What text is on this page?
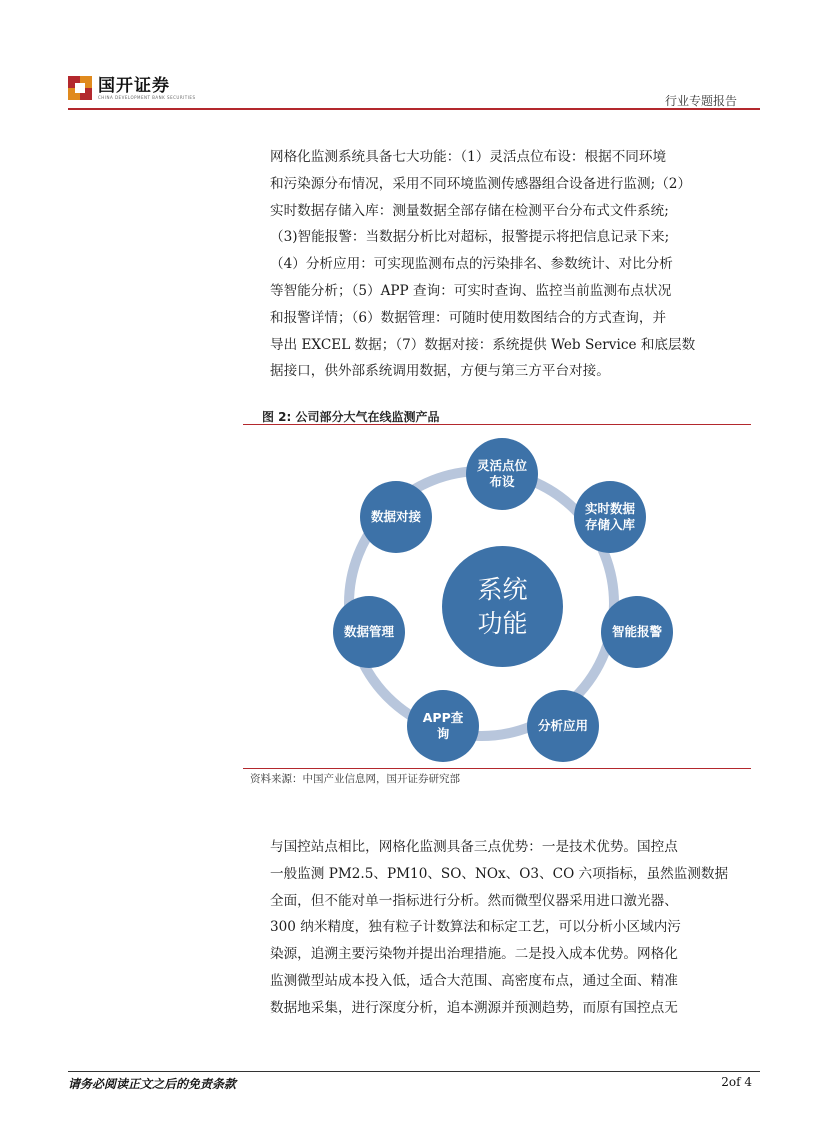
国开证券
CHINA DEVELOPMENT BANK SECURITIES	行业专题报告

网格化监测系统具备七大功能：（1）灵活点位布设：根据不同环境

和污染源分布情况，采用不同环境监测传感器组合设备进行监测;（2）

实时数据存储入库：测量数据全部存储在检测平台分布式文件系统;

（3)智能报警：当数据分析比对超标，报警提示将把信息记录下来;

（4）分析应用：可实现监测布点的污染排名、参数统计、对比分析

等智能分析；（5）APP 查询：可实时查询、监控当前监测布点状况

和报警详情；（6）数据管理：可随时使用数图结合的方式查询，并

导出 EXCEL 数据；（7）数据对接：系统提供 Web Service 和底层数

据接口，供外部系统调用数据，方便与第三方平台对接。

图 2: 公司部分大气在线监测产品
系统功能
灵活点位布设
实时数据存储入库
智能报警
分析应用
APP查询
数据管理
数据对接
资料来源：中国产业信息网，国开证券研究部

与国控站点相比，网格化监测具备三点优势：一是技术优势。国控点

一般监测 PM2.5、PM10、SO、NOx、O3、CO 六项指标，虽然监测数据

全面，但不能对单一指标进行分析。然而微型仪器采用进口激光器、

300 纳米精度，独有粒子计数算法和标定工艺，可以分析小区域内污

染源，追溯主要污染物并提出治理措施。二是投入成本优势。网格化

监测微型站成本投入低，适合大范围、高密度布点，通过全面、精准

数据地采集，进行深度分析，追本溯源并预测趋势，而原有国控点无

请务必阅读正文之后的免责条款	2of 4
